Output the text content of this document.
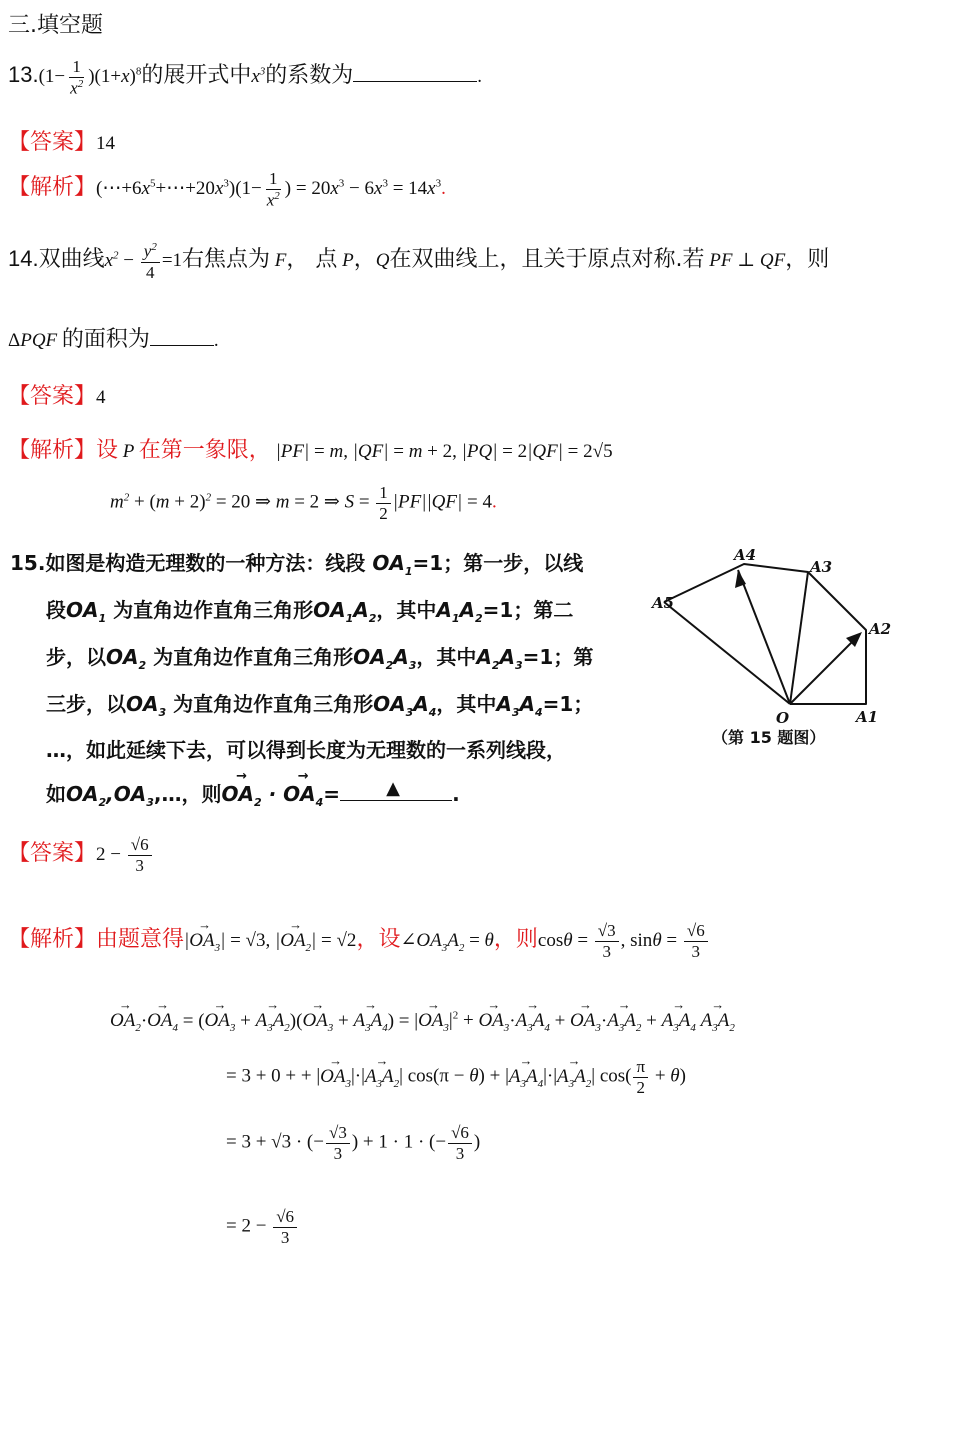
三.填空题
$13.(1- \frac{1}{x^2} )(1+x)^8$的展开式中$x^3$的系数为	.
【答案】14
【解析】$(\cdots+6x^5+\cdots+20x^3)(1- \frac{1}{x^2}$ ) = $20x^3 - 6x^3 = 14x^3$.
14.双曲线$x^2 - \frac{y^2}{4} =1$右焦点为 F， 点 P，Q在双曲线上，且关于原点对称.若 PF ⊥ QF，则
ΔPQF 的面积为	.
【答案】4
【解析】设 P 在第一象限， |PF| = m, |QF| = m + 2, |PQ| = 2|QF| = 2√5
$m^2 + (m + 2)^2 = 20$ ⇒ m = 2 ⇒ $S = \frac{1}{2} |PF||QF| = 4$.
15.如图是构造无理数的一种方法：线段 $OA_1=1$；第一步，以线
段$OA_1$ 为直角边作直角三角形$OA_1A_2$，其中$A_1A_2=1$；第二
步，以$OA_2$ 为直角边作直角三角形$OA_2A_3$，其中$A_2A_3=1$；第
三步，以$OA_3$ 为直角边作直角三角形$OA_3A_4$，其中$A_3A_4=1$；
…，如此延续下去，可以得到长度为无理数的一系列线段，
如$OA_2,OA_3,\dots$，则→ $OA_2$ · → $OA_4=$	▲	.
A4
A3
A5
A2
O	A1
（第 15 题图）
【答案】$2 - \frac{√6}{3}$
【解析】由题意得|→ $OA_3| = √3$, |→ $OA_2| = √2$，设$\angle OA_3A_2 = \theta$，则$\cos\theta = \frac{√3}{3}$ , $\sin\theta = \frac{√6}{3}$
→ $OA_2\cdot\to OA_4$ = (→ $OA_3$ + → $A_3A_2)(\to OA_3$ + → $A_3A_4$) = |→ $OA_3|^2$ + → $OA_3\cdot\to A_3A_4$ + → $OA_3\cdot\to A_3A_2$ + → $A_3A_4 \to A_3A_2$
= 3 + 0 + + |→ $OA_3|\cdot|\to A_3A_2|$ cos(π − θ) + |→ $A_3A_4|\cdot|\to A_3A_2|$ $\cos( \frac{\pi}{2} + \theta)$
= 3 + √3 · (− $\frac{√3}{3}$ ) + 1 · 1 · (− $\frac{√6}{3}$ )
= $2 - \frac{√6}{3}$
